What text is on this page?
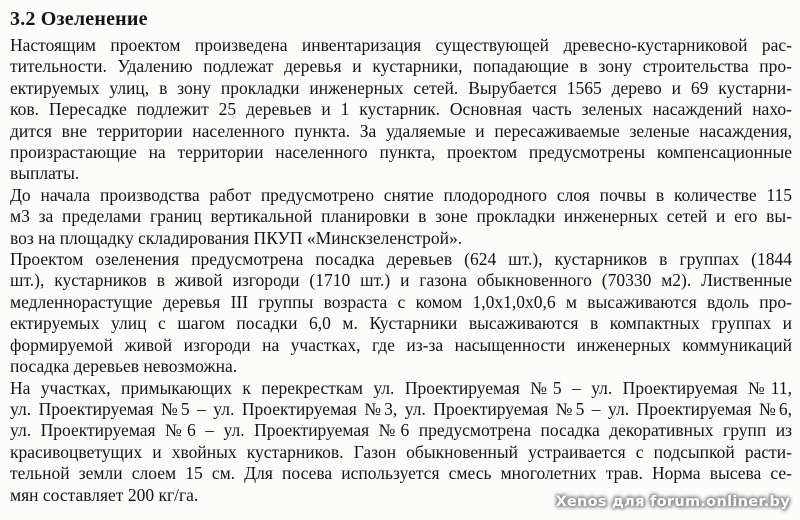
3.2 Озеленение
Настоящим проектом произведена инвентаризация существующей древесно-кустарниковой рас-
тительности. Удалению подлежат деревья и кустарники, попадающие в зону строительства про-
ектируемых улиц, в зону прокладки инженерных сетей. Вырубается 1565 дерево и 69 кустарни-
ков. Пересадке подлежит 25 деревьев и 1 кустарник. Основная часть зеленых насаждений нахо-
дится вне территории населенного пункта. За удаляемые и пересаживаемые зеленые насаждения,
произрастающие на территории населенного пункта, проектом предусмотрены компенсационные
выплаты.
До начала производства работ предусмотрено снятие плодородного слоя почвы в количестве 115
м3 за пределами границ вертикальной планировки в зоне прокладки инженерных сетей и его вы-
воз на площадку складирования ПКУП «Минскзеленстрой».
Проектом озеленения предусмотрена посадка деревьев (624 шт.), кустарников в группах (1844
шт.), кустарников в живой изгороди (1710 шт.) и газона обыкновенного (70330 м2). Лиственные
медленнорастущие деревья III группы возраста с комом 1,0х1,0х0,6 м высаживаются вдоль про-
ектируемых улиц с шагом посадки 6,0 м. Кустарники высаживаются в компактных группах и
формируемой живой изгороди на участках, где из-за насыщенности инженерных коммуникаций
посадка деревьев невозможна.
На участках, примыкающих к перекресткам ул. Проектируемая №5 – ул. Проектируемая №11,
ул. Проектируемая №5 – ул. Проектируемая №3, ул. Проектируемая №5 – ул. Проектируемая №6,
ул. Проектируемая №6 – ул. Проектируемая №6 предусмотрена посадка декоративных групп из
красивоцветущих и хвойных кустарников. Газон обыкновенный устраивается с подсыпкой расти-
тельной земли слоем 15 см. Для посева используется смесь многолетних трав. Норма высева се-
мян составляет 200 кг/га.	Xenos для forum.onliner.by
